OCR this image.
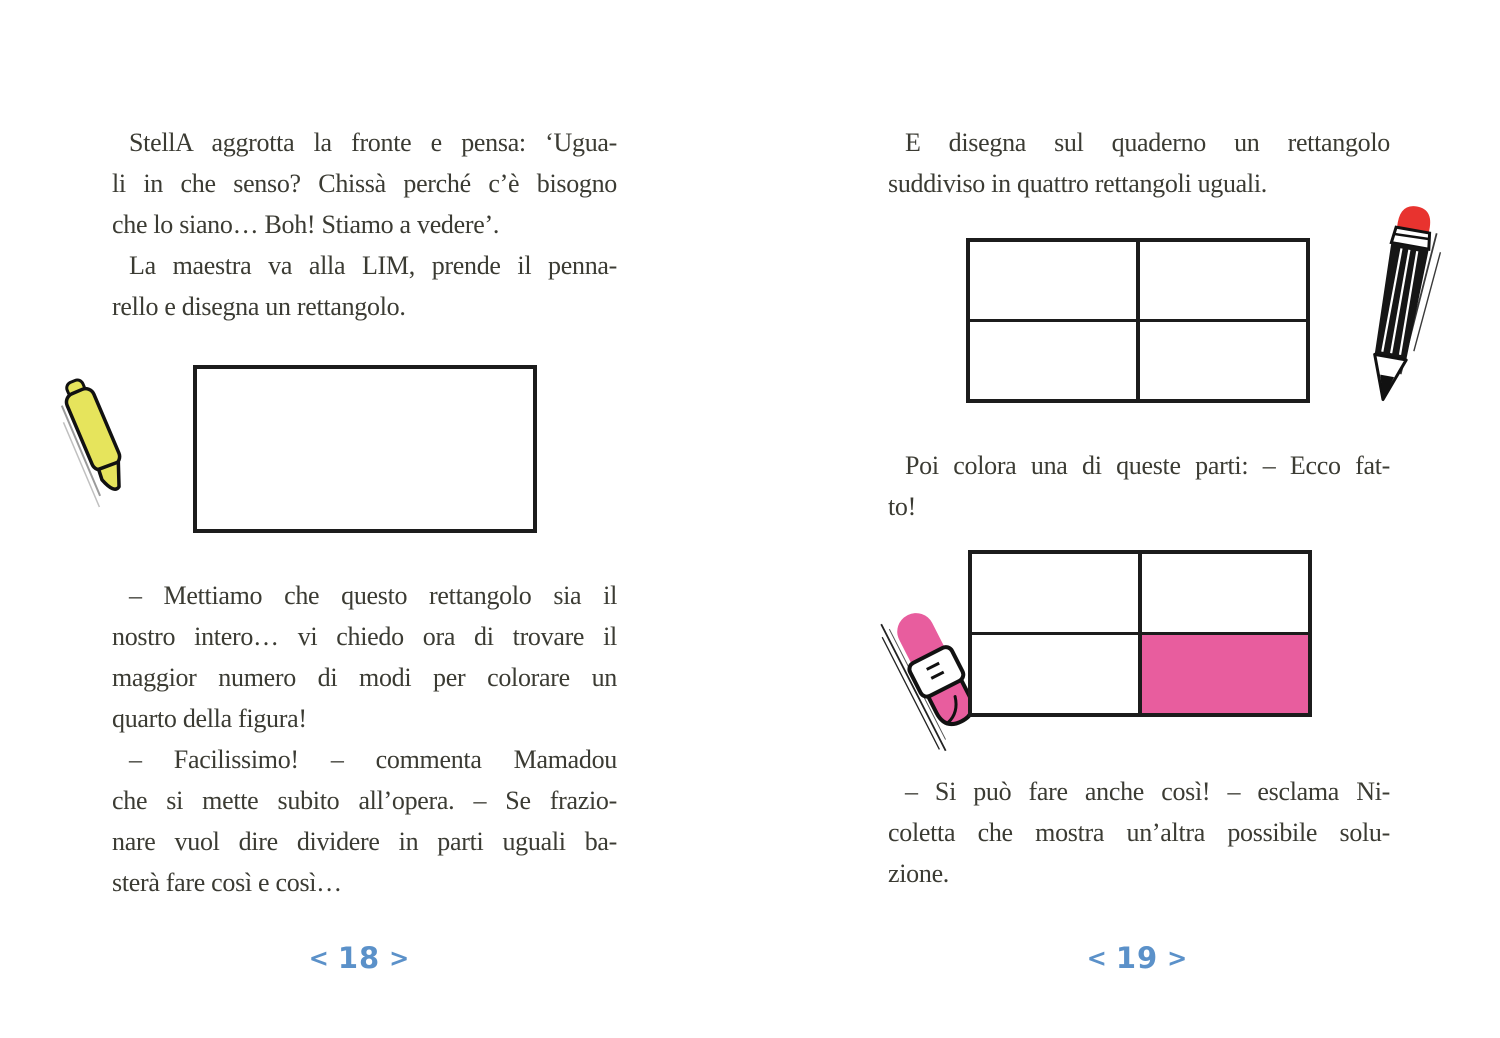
StellA aggrotta la fronte e pensa: ‘Ugua-
li in che senso? Chissà perché c’è bisogno
che lo siano… Boh! Stiamo a vedere’.
La maestra va alla LIM, prende il penna-
rello e disegna un rettangolo.
– Mettiamo che questo rettangolo sia il
nostro intero… vi chiedo ora di trovare il
maggior numero di modi per colorare un
quarto della figura!
– Facilissimo! – commenta Mamadou
che si mette subito all’opera. – Se frazio-
nare vuol dire dividere in parti uguali ba-
sterà fare così e così…
< 18 >
E disegna sul quaderno un rettangolo
suddiviso in quattro rettangoli uguali.
Poi colora una di queste parti: – Ecco fat-
to!
– Si può fare anche così! – esclama Ni-
coletta che mostra un’altra possibile solu-
zione.
< 19 >
